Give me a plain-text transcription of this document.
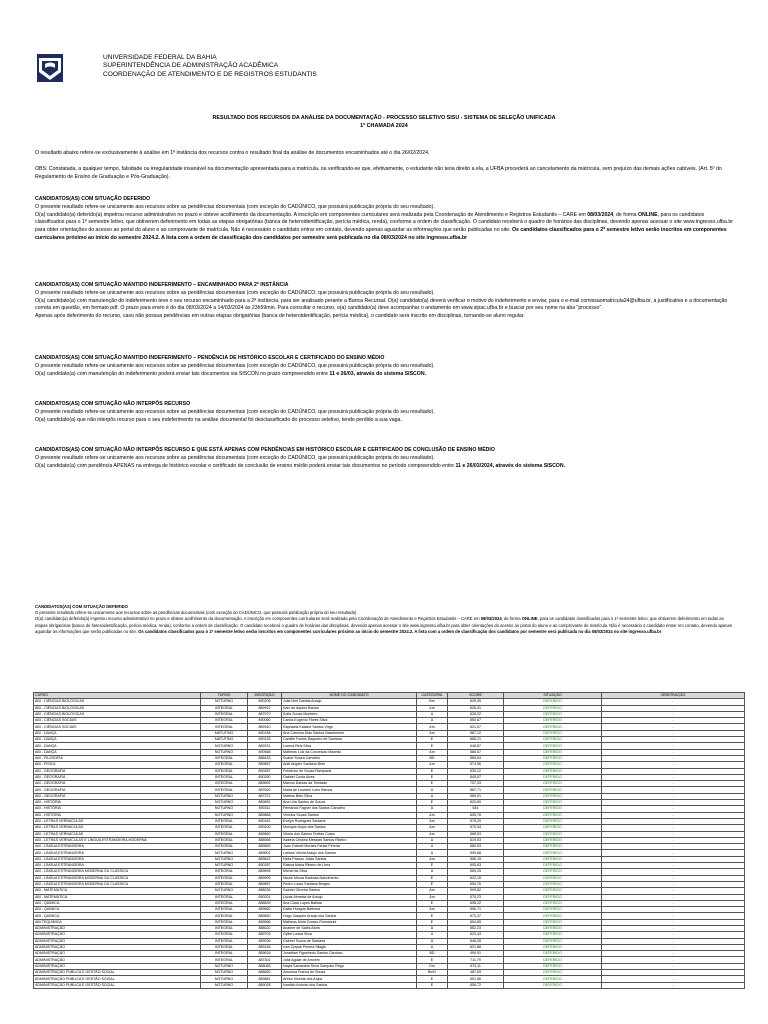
UNIVERSIDADE FEDERAL DA BAHIA
SUPERINTENDÊNCIA DE ADMINISTRAÇÃO ACADÊMICA
COORDENAÇÃO DE ATENDIMENTO E DE REGISTROS ESTUDANTIS
RESULTADO DOS RECURSOS DA ANÁLISE DA DOCUMENTAÇÃO - PROCESSO SELETIVO SISU - SISTEMA DE SELEÇÃO UNIFICADA
1ª CHAMADA 2024
O resultado abaixo refere-se exclusivamente à análise em 1ª instância dos recursos contra o resultado final da análise de documentos encaminhados até o dia 26/02/2024.
OBS: Constatada, a qualquer tempo, falsidade ou irregularidade insanável na documentação apresentada para a matrícula, ou verificando-se que, efetivamente, o estudante não teria direito a ela, a UFBA procederá ao cancelamento da matrícula, sem prejuízo das demais ações cabíveis. (Art. 5º do Regulamento de Ensino de Graduação e Pós-Graduação).
CANDIDATOS(AS) COM SITUAÇÃO DEFERIDO
O presente resultado refere-se unicamente aos recursos sobre as pendências documentais (com exceção do CADÚNICO, que possuirá publicação própria do seu resultado).
O(a) candidato(a) deferido(a) impetrou recurso administrativo no prazo e obteve acolhimento da documentação. A inscrição em componentes curriculares será realizada pela Coordenação de Atendimento e Registros Estudantis – CARE em 08/03/2024, de forma ONLINE, para os candidatos classificados para o 1º semestre letivo, que obtiverem deferimento em todas as etapas obrigatórias (banca de heteroidentificação, perícia médica, renda), conforme a ordem de classificação. O candidato receberá o quadro de horários das disciplinas, devendo apenas acessar o site www.ingresso.ufba.br para obter orientações do acesso ao portal do aluno e ao comprovante de matrícula. Não é necessário o candidato entrar em contato, devendo apenas aguardar as informações que serão publicadas no site. Os candidatos classificados para o 2º semestre letivo serão inscritos em componentes curriculares próximo ao início do semestre 2024.2. A lista com a ordem de classificação dos candidatos por semestre será publicada no dia 08/03/2024 no site ingresso.ufba.br
CANDIDATOS(AS) COM SITUAÇÃO MANTIDO INDEFERIMENTO – ENCAMINHADO PARA 2ª INSTÂNCIA
O presente resultado refere-se unicamente aos recursos sobre as pendências documentais (com exceção do CADÚNICO, que possuirá publicação própria do seu resultado).
O(a) candidato(a) com manutenção do indeferimento teve o seu recurso encaminhado para a 2ª instância, para ser analisado perante a Banca Recursal. O(a) candidato(a) deverá verificar o motivo do indeferimento e enviar, para o e-mail comissaomatricula24@ufba.br, a justificativa e a documentação correta em questão, em formato pdf. O prazo para envio é do dia 08/03/2024 a 14/03/2024 às 23h59min. Para consultar o recurso, o(a) candidato(a) deve acompanhar o andamento em www.sipac.ufba.br e buscar por seu nome na aba "processo".
Apenas após deferimento do recurso, caso não possua pendências em outras etapas obrigatórias (banca de heteroidentificação, perícia médica), o candidato será inscrito em disciplinas, tornando-se aluno regular.
CANDIDATOS(AS) COM SITUAÇÃO MANTIDO INDEFERIMENTO – PENDÊNCIA DE HISTÓRICO ESCOLAR E CERTIFICADO DO ENSINO MÉDIO
O presente resultado refere-se unicamente aos recursos sobre as pendências documentais (com exceção do CADÚNICO, que possuirá publicação própria do seu resultado).
O(a) candidato(a) com manutenção do indeferimento poderá enviar tais documentos via SISCON no prazo compreendido entre 11 e 26/03, através do sistema SISCON.
CANDIDATOS(AS) COM SITUAÇÃO NÃO INTERPÔS RECURSO
O presente resultado refere-se unicamente aos recursos sobre as pendências documentais (com exceção do CADÚNICO, que possuirá publicação própria do seu resultado).
O(a) candidato(a) que não interpôs recurso para o seu indeferimento na análise documental foi desclassificado do processo seletivo, tendo perdido a sua vaga.
CANDIDATOS(AS) COM SITUAÇÃO NÃO INTERPÔS RECURSO E QUE ESTÁ APENAS COM PENDÊNCIAS EM HISTÓRICO ESCOLAR E CERTIFICADO DE CONCLUSÃO DE ENSINO MÉDIO
O presente resultado refere-se unicamente aos recursos sobre as pendências documentais (com exceção do CADÚNICO, que possuirá publicação própria do seu resultado).
O(a) candidato(a) com pendência APENAS na entrega de histórico escolar e certificado de conclusão de ensino médio poderá enviar tais documentos no período compreendido entre 11 e 26/03/2024, através do sistema SISCON.
CANDIDATOS(AS) COM SITUAÇÃO DEFERIDO
O presente resultado refere-se unicamente aos recursos sobre as pendências documentais (com exceção do CADÚNICO, que possuirá publicação própria do seu resultado).
O(a) candidato(a) deferido(a) impetrou recurso administrativo no prazo e obteve acolhimento da documentação. A inscrição em componentes curriculares será realizada pela Coordenação de Atendimento e Registros Estudantis – CARE em 08/03/2024, de forma ONLINE, para os candidatos classificados para o 1º semestre letivo, que obtiverem deferimento em todas as etapas obrigatórias (banca de heteroidentificação, perícia médica, renda), conforme a ordem de classificação. O candidato receberá o quadro de horários das disciplinas, devendo apenas acessar o site www.ingresso.ufba.br para obter orientações do acesso ao portal do aluno e ao comprovante de matrícula. Não é necessário o candidato entrar em contato, devendo apenas aguardar as informações que serão publicadas no site. Os candidatos classificados para o 2º semestre letivo serão inscritos em componentes curriculares próximo ao início do semestre 2024.2. A lista com a ordem de classificação dos candidatos por semestre será publicada no dia 08/03/2024 no site ingresso.ufba.br
CURSO	TURNO	INSCRIÇÃO	NOME DO CANDIDATO	CATEGORIA	SCORE	SITUAÇÃO	OBSERVAÇÃO
ABI - CIÊNCIAS BIOLÓGICAS	NOTURNO	890208	Julia Neri Dantas Araujo	Bm	639,45	DEFERIDO	-
ABI - CIÊNCIAS BIOLÓGICAS	INTEGRAL	889912	Kaio de Aquino Barros	Am	626,41	DEFERIDO	-
ABI - CIÊNCIAS BIOLÓGICAS	INTEGRAL	887570	Sofia Souza Monteiro	A	628,22	DEFERIDO	-
ABI - CIÊNCIAS SOCIAIS	INTEGRAL	890060	Carlos Eugenio Flores Silva	A	650,67	DEFERIDO	-
ABI - CIÊNCIAS SOCIAIS	INTEGRAL	889310	Raphaela Kalaine Santos Virgo	Am	621,07	DEFERIDO	-
ABI - DANÇA	MATUTINO	890188	Ana Carolina Dias Santos Nascimento	Am	587,12	DEFERIDO	-
ABI - DANÇA	MATUTINO	890125	Camille Fontes Baqueiro de Santana	E	666,21	DEFERIDO	-
ABI - DANÇA	NOTURNO	889231	Lorena Reis Silva	E	648,87	DEFERIDO	-
ABI - DANÇA	NOTURNO	890568	Matheus Luiz da Conceicao Macedo	Am	586,57	DEFERIDO	-
ABI - FILOSOFIA	INTEGRAL	886433	Suane Souza Carvalho	BD	565,64	DEFERIDO	-
ABI - FÍSICA	INTEGRAL	889857	Ariel Angelo Santana Brito	Am	574,96	DEFERIDO	-
ABI - GEOGRAFIA	INTEGRAL	890287	Frederico de Souza Rampazzi	E	630,12	DEFERIDO	-
ABI - GEOGRAFIA	INTEGRAL	890250	Gabriel Costa Alves	E	640,07	DEFERIDO	-
ABI - GEOGRAFIA	INTEGRAL	889892	Marcos Dantas da Trindade	E	707,33	DEFERIDO	-
ABI - GEOGRAFIA	INTEGRAL	887620	Maria de Lourdes Lobo Ramos	A	587,71	DEFERIDO	-
ABI - GEOGRAFIA	NOTURNO	887371	Mateus Brito Silva	A	589,01	DEFERIDO	-
ABI - HISTÓRIA	NOTURNO	889891	Ana Lilia Santos de Souza	E	620,69	DEFERIDO	-
ABI - HISTÓRIA	NOTURNO	890311	Fernando Fagner dos Santos Carvalho	A	644	DEFERIDO	-
ABI - HISTÓRIA	NOTURNO	889868	Vinicius Souza Santos	Am	605,76	DEFERIDO	-
ABI - LETRAS VERNÁCULAS	INTEGRAL	890181	Evelyn Rodrigues Santana	Am	575,29	DEFERIDO	-
ABI - LETRAS VERNÁCULAS	INTEGRAL	890100	Monique Anjos dos Santos	Am	570,34	DEFERIDO	-
ABI - LETRAS VERNÁCULAS	INTEGRAL	889840	Vitoria dos Santos Freitas Costa	Am	568,53	DEFERIDO	-
ABI - LETRAS VERNÁCULAS E LÍNGUA ESTRANGEIRA MODERNA	INTEGRAL	888566	Isabela Cristina Messias Santos Ribeiro	A	619,03	DEFERIDO	-
ABI - LÍNGUA ESTRANGEIRA	INTEGRAL	889663	Joao Gabriel Moraes Farias Pereira	A	580,53	DEFERIDO	-
ABI - LÍNGUA ESTRANGEIRA	NOTURNO	889601	Larissa Vitoria Araujo dos Santos	A	599,68	DEFERIDO	-
ABI - LÍNGUA ESTRANGEIRA	NOTURNO	889642	Nelia Passos Julias Santos	Am	556,15	DEFERIDO	-
ABI - LÍNGUA ESTRANGEIRA	NOTURNO	890287	Raissa Maria Ribeiro de Lima	E	605,83	DEFERIDO	-
ABI - LÍNGUA ESTRANGEIRA MODERNA OU CLÁSSICA	INTEGRAL	889695	Michel da Silva	A	589,25	DEFERIDO	-
ABI - LÍNGUA ESTRANGEIRA MODERNA OU CLÁSSICA	INTEGRAL	889905	Nicole Moura Barbosa Nascimento	E	622,15	DEFERIDO	-
ABI - LÍNGUA ESTRANGEIRA MODERNA OU CLÁSSICA	INTEGRAL	889857	Pedro Lucas Santana Borges	E	654,76	DEFERIDO	-
ABI - MATEMÁTICA	NOTURNO	888035	Gabriel Oliveira Santos	Am	599,82	DEFERIDO	-
ABI - MATEMÁTICA	INTEGRAL	890201	Lucas Almeida de Araujo	Am	570,23	DEFERIDO	-
ABI - QUÍMICA	INTEGRAL	888839	Ana Clara Lopes Batista	E	698,22	DEFERIDO	-
ABI - QUÍMICA	INTEGRAL	889662	Dalila Hungria Barbosa	Am	596,71	DEFERIDO	-
ABI - QUÍMICA	INTEGRAL	889840	Hugo Joaquim Araujo dos Santos	E	673,37	DEFERIDO	-
ABI TEQUIMICA	INTEGRAL	889666	Matheus Mota Grosso Romanzini	E	654,85	DEFERIDO	-
ADMINISTRAÇÃO	INTEGRAL	888022	Analere de Sales Alves	A	652,23	DEFERIDO	-
ADMINISTRAÇÃO	INTEGRAL	889703	Gyller Lessa Silva	A	623,43	DEFERIDO	-
ADMINISTRAÇÃO	INTEGRAL	889026	Gabriel Souza de Santana	A	646,28	DEFERIDO	-
ADMINISTRAÇÃO	INTEGRAL	889148	Ivan Zyryab Pereira Silagik	A	621,88	DEFERIDO	-
ADMINISTRAÇÃO	INTEGRAL	889628	Jonathan Figueiredo Santos Cardoso	BD	499,51	DEFERIDO	-
ADMINISTRAÇÃO	INTEGRAL	887301	Julia Aguiar de Amorim	E	711,79	DEFERIDO	-
ADMINISTRAÇÃO	NOTURNO	888083	Nayla Samantha Sena Sampaio Rego	Dm	574,11	DEFERIDO	-
ADMINISTRAÇÃO PÚBLICA E GESTÃO SOCIAL	NOTURNO	888820	Azucena Franca de Souza	BmD	487,09	DEFERIDO	-
ADMINISTRAÇÃO PÚBLICA E GESTÃO SOCIAL	NOTURNO	889881	Arthur Vicente dos Anjos	E	651,56	DEFERIDO	-
ADMINISTRAÇÃO PÚBLICA E GESTÃO SOCIAL	NOTURNO	889028	Ivanildo Antonio dos Santos	E	658,72	DEFERIDO	-
